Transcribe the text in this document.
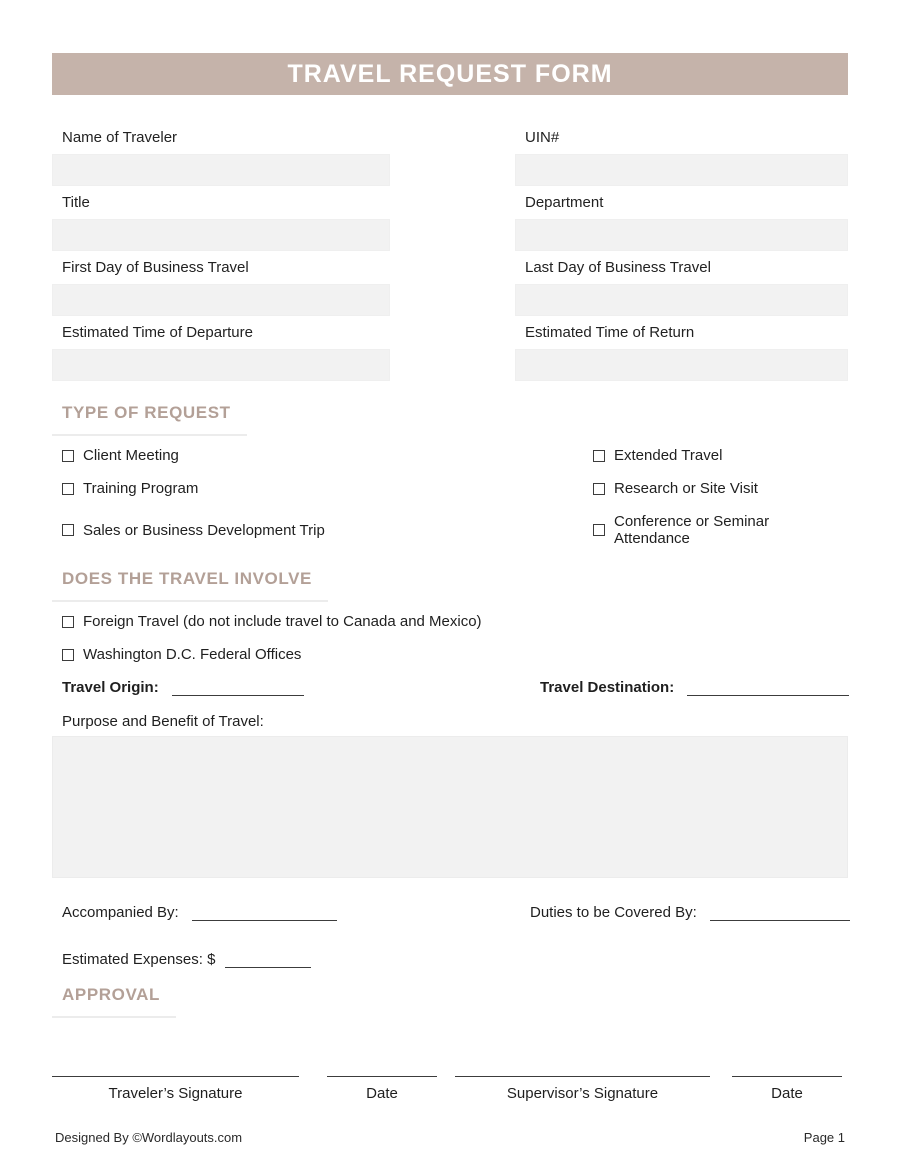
TRAVEL REQUEST FORM
Name of Traveler	UIN#
Title	Department
First Day of Business Travel	Last Day of Business Travel
Estimated Time of Departure	Estimated Time of Return
TYPE OF REQUEST
Client Meeting	Extended Travel
Training Program	Research or Site Visit
Sales or Business Development Trip	Conference or Seminar Attendance
DOES THE TRAVEL INVOLVE
Foreign Travel (do not include travel to Canada and Mexico)
Washington D.C. Federal Offices
Travel Origin:	Travel Destination:
Purpose and Benefit of Travel:
Accompanied By:	Duties to be Covered By:
Estimated Expenses: $
APPROVAL
Traveler’s Signature	Date	Supervisor’s Signature	Date
Designed By ©Wordlayouts.com	Page 1
